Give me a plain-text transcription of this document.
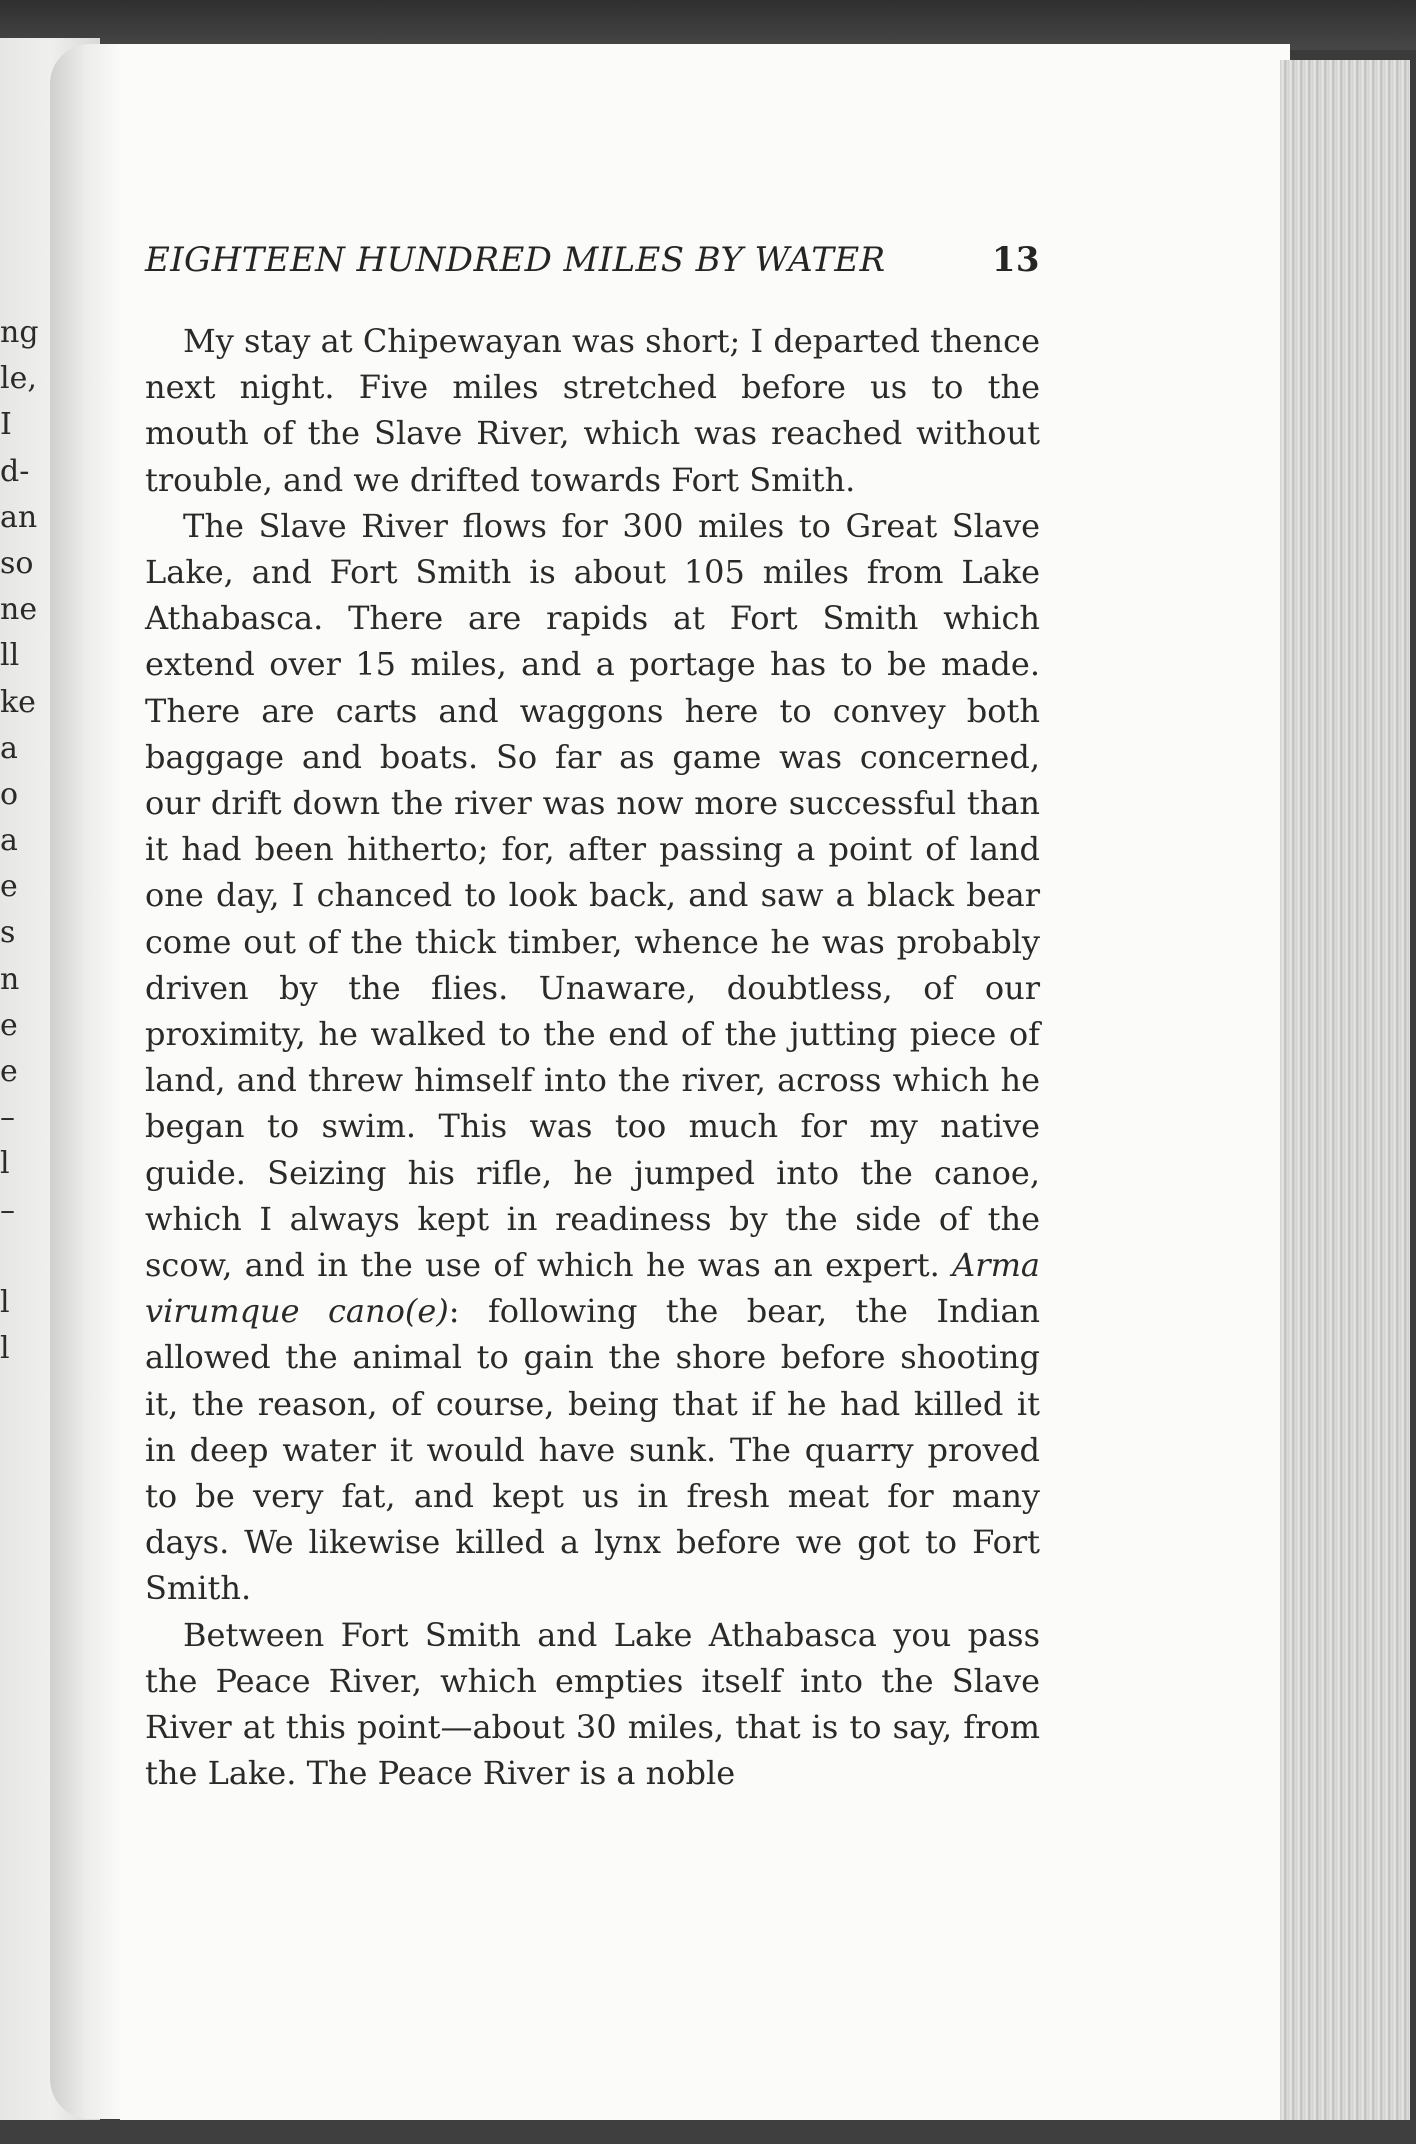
ng
le,
I
d-
an
so
ne
ll
ke
a
o
a
e
s
n
e
e
–
l
–
l
l
EIGHTEEN HUNDRED MILES BY WATER	13

My stay at Chipewayan was short; I departed thence next night. Five miles stretched before us to the mouth of the Slave River, which was reached without trouble, and we drifted towards Fort Smith.

The Slave River flows for 300 miles to Great Slave Lake, and Fort Smith is about 105 miles from Lake Athabasca. There are rapids at Fort Smith which extend over 15 miles, and a portage has to be made. There are carts and waggons here to convey both baggage and boats. So far as game was concerned, our drift down the river was now more successful than it had been hitherto; for, after passing a point of land one day, I chanced to look back, and saw a black bear come out of the thick timber, whence he was probably driven by the flies. Unaware, doubtless, of our proximity, he walked to the end of the jutting piece of land, and threw himself into the river, across which he began to swim. This was too much for my native guide. Seizing his rifle, he jumped into the canoe, which I always kept in readiness by the side of the scow, and in the use of which he was an expert. Arma virumque cano(e): following the bear, the Indian allowed the animal to gain the shore before shooting it, the reason, of course, being that if he had killed it in deep water it would have sunk. The quarry proved to be very fat, and kept us in fresh meat for many days. We likewise killed a lynx before we got to Fort Smith.

Between Fort Smith and Lake Athabasca you pass the Peace River, which empties itself into the Slave River at this point—about 30 miles, that is to say, from the Lake. The Peace River is a noble
